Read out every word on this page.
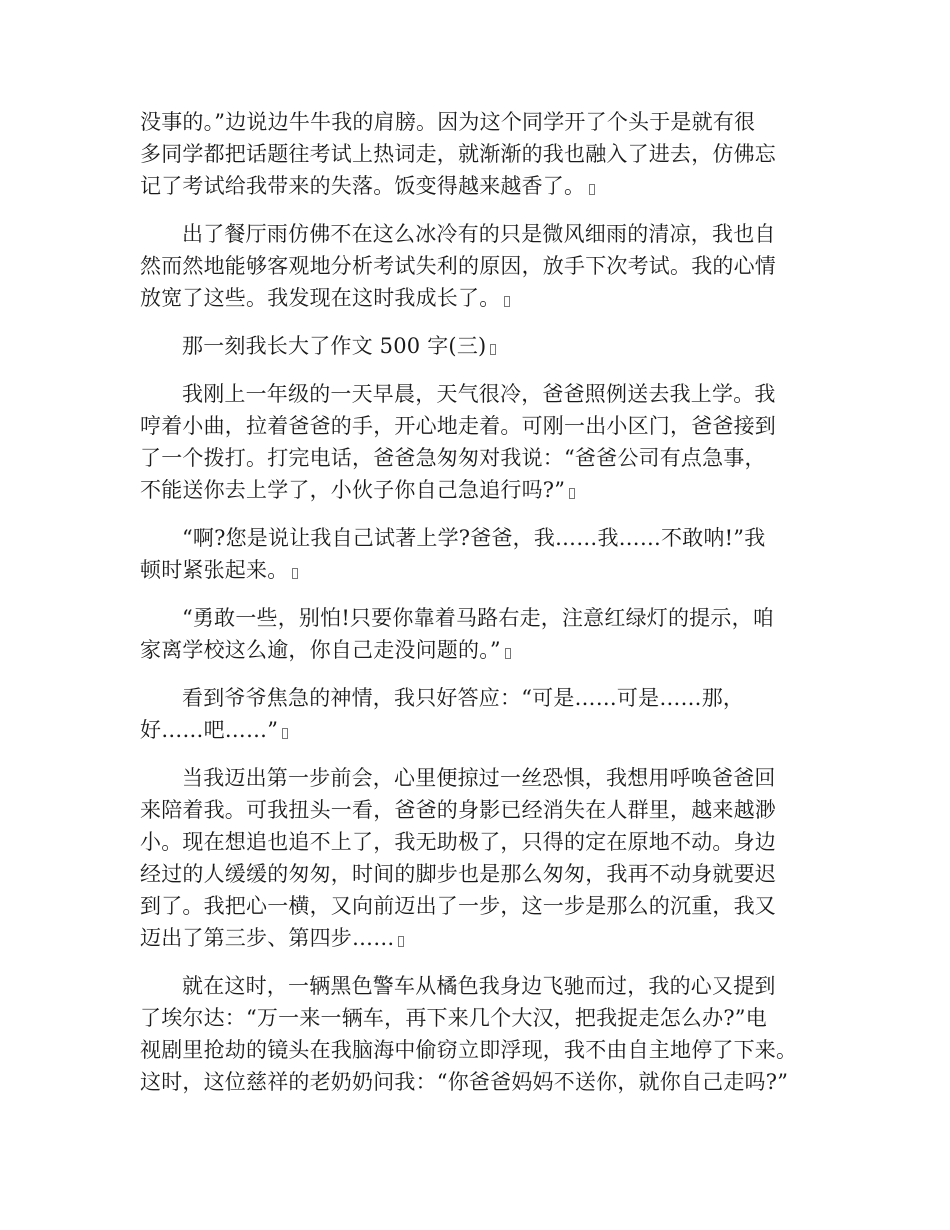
没事的。”边说边牛牛我的肩膀。因为这个同学开了个头于是就有很
多同学都把话题往考试上热词走，就渐渐的我也融入了进去，仿佛忘
记了考试给我带来的失落。饭变得越来越香了。

出了餐厅雨仿佛不在这么冰冷有的只是微风细雨的清凉，我也自
然而然地能够客观地分析考试失利的原因，放手下次考试。我的心情
放宽了这些。我发现在这时我成长了。

那一刻我长大了作文 500 字(三)

我刚上一年级的一天早晨，天气很冷，爸爸照例送去我上学。我
哼着小曲，拉着爸爸的手，开心地走着。可刚一出小区门，爸爸接到
了一个拨打。打完电话，爸爸急匆匆对我说：“爸爸公司有点急事，
不能送你去上学了，小伙子你自己急追行吗?”

“啊?您是说让我自己试著上学?爸爸，我……我……不敢呐!”我
顿时紧张起来。

“勇敢一些，别怕!只要你靠着马路右走，注意红绿灯的提示，咱
家离学校这么逾，你自己走没问题的。”

看到爷爷焦急的神情，我只好答应：“可是……可是……那，
好……吧……”

当我迈出第一步前会，心里便掠过一丝恐惧，我想用呼唤爸爸回
来陪着我。可我扭头一看，爸爸的身影已经消失在人群里，越来越渺
小。现在想追也追不上了，我无助极了，只得的定在原地不动。身边
经过的人缓缓的匆匆，时间的脚步也是那么匆匆，我再不动身就要迟
到了。我把心一横，又向前迈出了一步，这一步是那么的沉重，我又
迈出了第三步、第四步……

就在这时，一辆黑色警车从橘色我身边飞驰而过，我的心又提到
了埃尔达：“万一来一辆车，再下来几个大汉，把我捉走怎么办?”电
视剧里抢劫的镜头在我脑海中偷窃立即浮现，我不由自主地停了下来。
这时，这位慈祥的老奶奶问我：“你爸爸妈妈不送你，就你自己走吗?”
